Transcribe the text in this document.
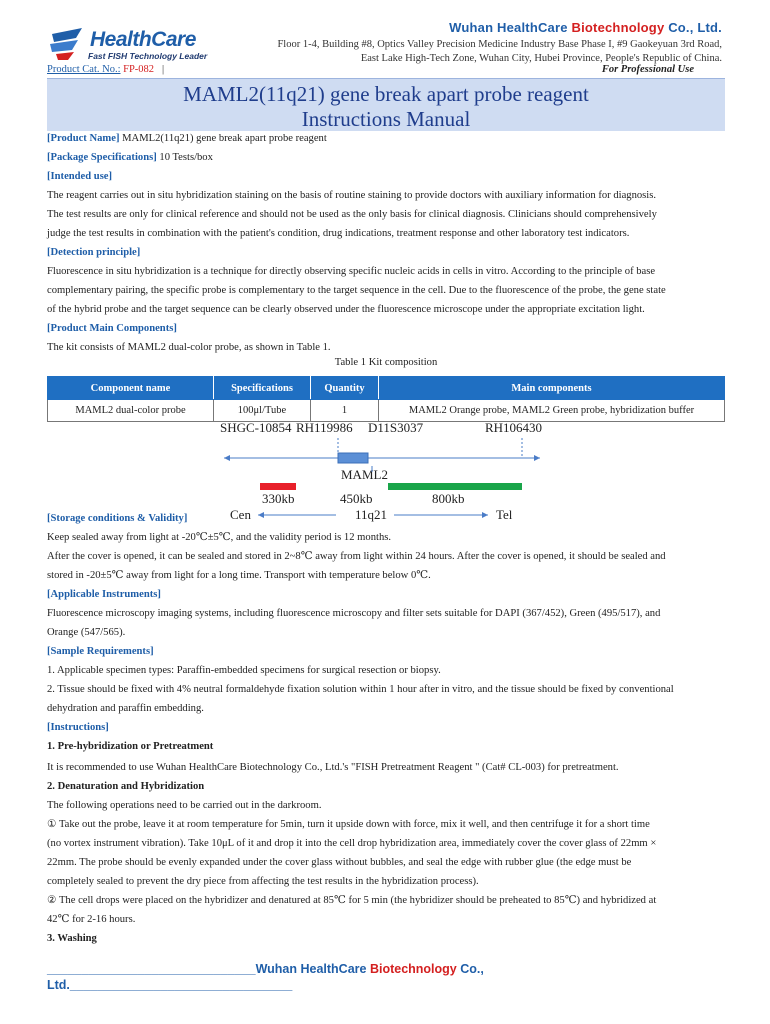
HealthCare
Fast FISH Technology Leader
Wuhan HealthCare Biotechnology Co., Ltd.
Floor 1-4, Building #8, Optics Valley Precision Medicine Industry Base Phase I, #9 Gaokeyuan 3rd Road,
East Lake High-Tech Zone, Wuhan City, Hubei Province, People's Republic of China.
Product Cat. No.: FP-082 |	For Professional Use
MAML2(11q21) gene break apart probe reagent
Instructions Manual
[Product Name] MAML2(11q21) gene break apart probe reagent
[Package Specifications] 10 Tests/box
[Intended use]
The reagent carries out in situ hybridization staining on the basis of routine staining to provide doctors with auxiliary information for diagnosis.
The test results are only for clinical reference and should not be used as the only basis for clinical diagnosis. Clinicians should comprehensively
judge the test results in combination with the patient's condition, drug indications, treatment response and other laboratory test indicators.
[Detection principle]
Fluorescence in situ hybridization is a technique for directly observing specific nucleic acids in cells in vitro. According to the principle of base
complementary pairing, the specific probe is complementary to the target sequence in the cell. Due to the fluorescence of the probe, the gene state
of the hybrid probe and the target sequence can be clearly observed under the fluorescence microscope under the appropriate excitation light.
[Product Main Components]
The kit consists of MAML2 dual-color probe, as shown in Table 1.
Table 1 Kit composition
Component name	Specifications	Quantity	Main components
MAML2 dual-color probe	100μl/Tube	1	MAML2 Orange probe, MAML2 Green probe, hybridization buffer
SHGC-10854 RH119986 D11S3037	RH106430
MAML2
330kb	450kb	800kb
Cen	11q21	Tel
[Storage conditions & Validity]
Keep sealed away from light at -20℃±5℃, and the validity period is 12 months.
After the cover is opened, it can be sealed and stored in 2~8℃ away from light within 24 hours. After the cover is opened, it should be sealed and
stored in -20±5℃ away from light for a long time. Transport with temperature below 0℃.
[Applicable Instruments]
Fluorescence microscopy imaging systems, including fluorescence microscopy and filter sets suitable for DAPI (367/452), Green (495/517), and
Orange (547/565).
[Sample Requirements]
1. Applicable specimen types: Paraffin-embedded specimens for surgical resection or biopsy.
2. Tissue should be fixed with 4% neutral formaldehyde fixation solution within 1 hour after in vitro, and the tissue should be fixed by conventional
dehydration and paraffin embedding.
[Instructions]
1. Pre-hybridization or Pretreatment
It is recommended to use Wuhan HealthCare Biotechnology Co., Ltd.'s "FISH Pretreatment Reagent " (Cat# CL-003) for pretreatment.
2. Denaturation and Hybridization
The following operations need to be carried out in the darkroom.
① Take out the probe, leave it at room temperature for 5min, turn it upside down with force, mix it well, and then centrifuge it for a short time
(no vortex instrument vibration). Take 10μL of it and drop it into the cell drop hybridization area, immediately cover the cover glass of 22mm ×
22mm. The probe should be evenly expanded under the cover glass without bubbles, and seal the edge with rubber glue (the edge must be
completely sealed to prevent the dry piece from affecting the test results in the hybridization process).
② The cell drops were placed on the hybridizer and denatured at 85℃ for 5 min (the hybridizer should be preheated to 85℃) and hybridized at
42℃ for 2-16 hours.
3. Washing
______________________________Wuhan HealthCare Biotechnology Co.,
Ltd.________________________________
